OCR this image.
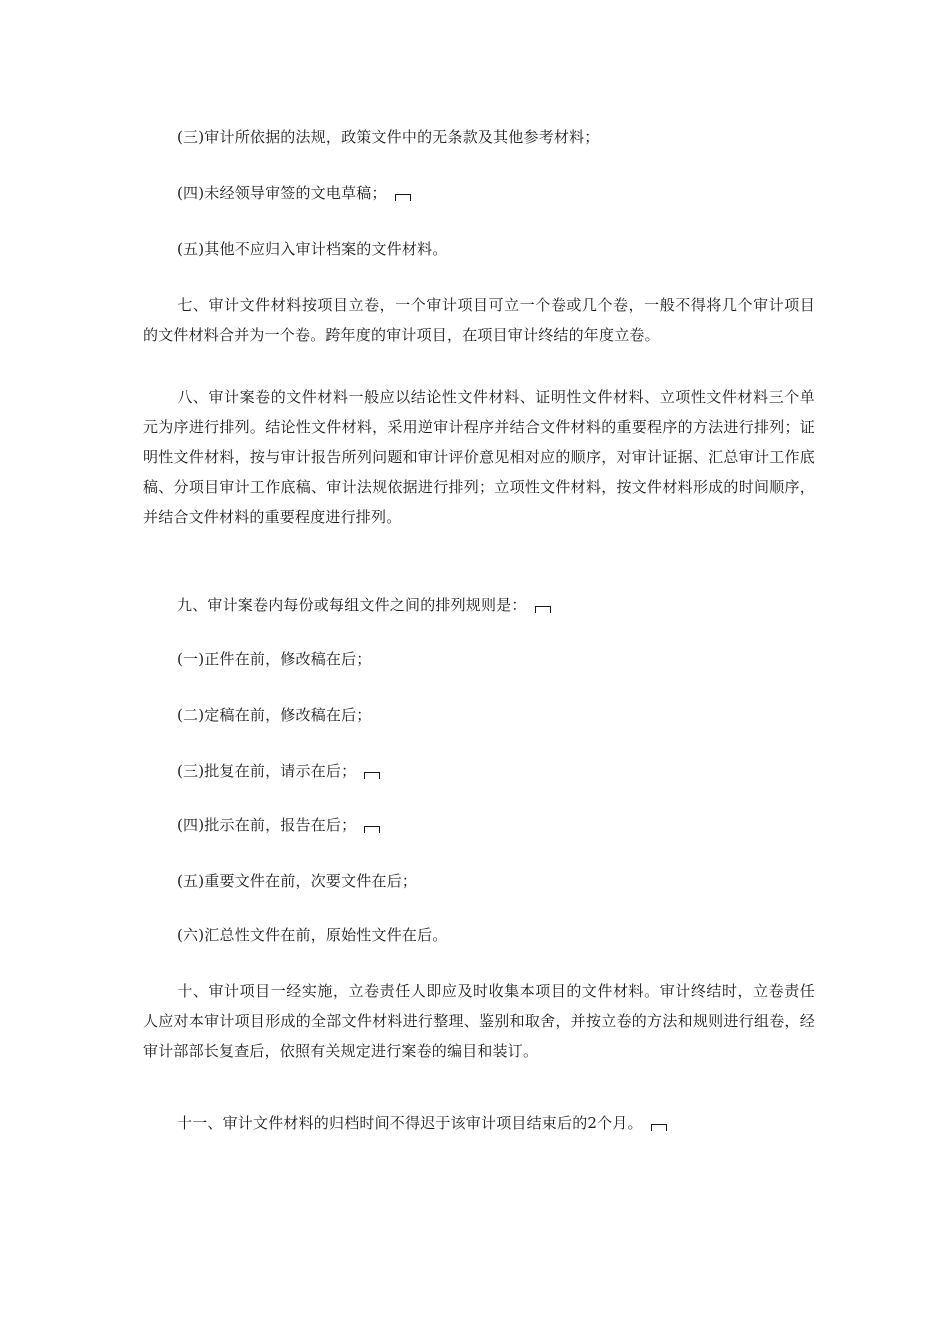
(三)审计所依据的法规，政策文件中的无条款及其他参考材料；

(四)未经领导审签的文电草稿；

(五)其他不应归入审计档案的文件材料。

七、审计文件材料按项目立卷，一个审计项目可立一个卷或几个卷，一般不得将几个审计项目的文件材料合并为一个卷。跨年度的审计项目，在项目审计终结的年度立卷。

八、审计案卷的文件材料一般应以结论性文件材料、证明性文件材料、立项性文件材料三个单元为序进行排列。结论性文件材料，采用逆审计程序并结合文件材料的重要程序的方法进行排列；证明性文件材料，按与审计报告所列问题和审计评价意见相对应的顺序，对审计证据、汇总审计工作底稿、分项目审计工作底稿、审计法规依据进行排列；立项性文件材料，按文件材料形成的时间顺序，并结合文件材料的重要程度进行排列。

九、审计案卷内每份或每组文件之间的排列规则是：

(一)正件在前，修改稿在后；

(二)定稿在前，修改稿在后；

(三)批复在前，请示在后；

(四)批示在前，报告在后；

(五)重要文件在前，次要文件在后；

(六)汇总性文件在前，原始性文件在后。

十、审计项目一经实施，立卷责任人即应及时收集本项目的文件材料。审计终结时，立卷责任人应对本审计项目形成的全部文件材料进行整理、鉴别和取舍，并按立卷的方法和规则进行组卷，经审计部部长复查后，依照有关规定进行案卷的编目和装订。

十一、审计文件材料的归档时间不得迟于该审计项目结束后的2个月。
